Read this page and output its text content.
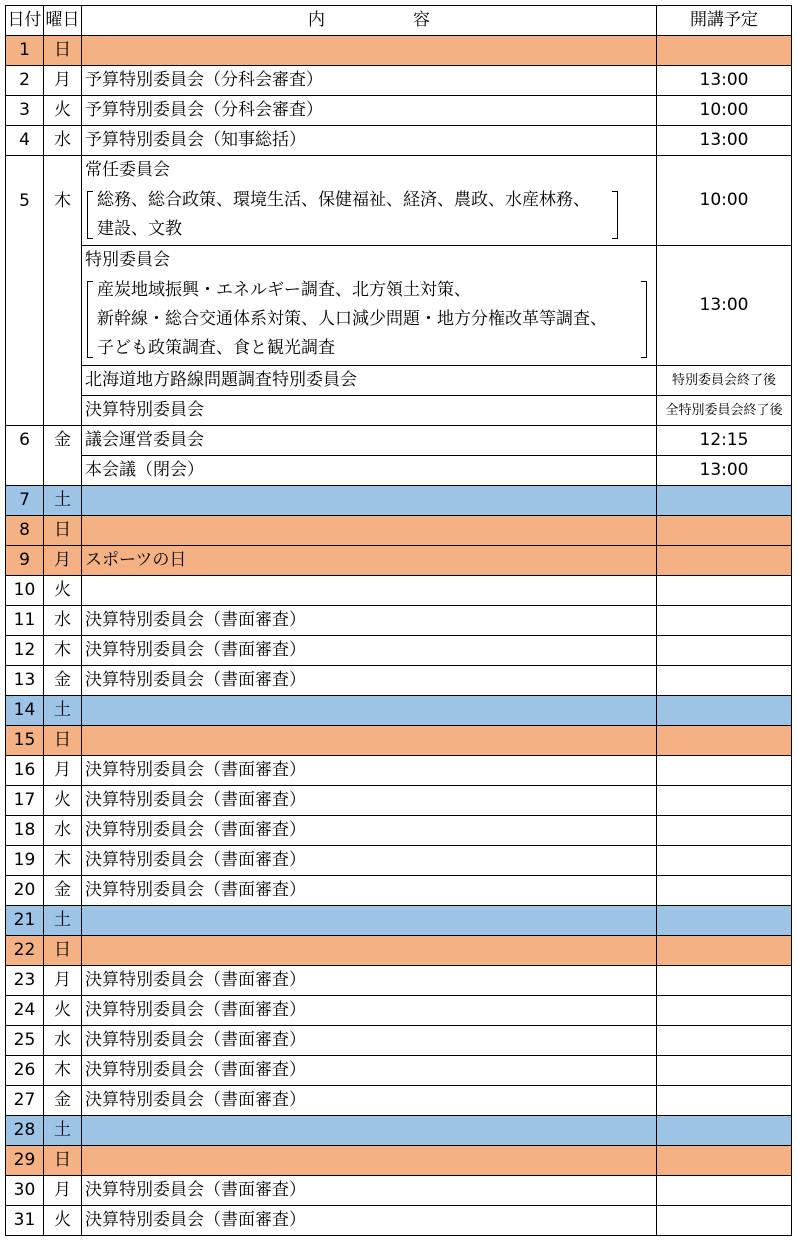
日付	曜日	内 容	開講予定
1	日		
2	月	予算特別委員会（分科会審査）	13:00
3	火	予算特別委員会（分科会審査）	10:00
4	水	予算特別委員会（知事総括）	13:00
5	木	常任委員会
総務、総合政策、環境生活、保健福祉、経済、農政、水産林務、
建設、文教	10:00

		特別委員会
産炭地域振興・エネルギー調査、北方領土対策、
新幹線・総合交通体系対策、人口減少問題・地方分権改革等調査、
子ども政策調査、食と観光調査	13:00
		北海道地方路線問題調査特別委員会	特別委員会終了後
		決算特別委員会	全特別委員会終了後
6	金	議会運営委員会	12:15
		本会議（閉会）	13:00
7	土		
8	日		
9	月	スポーツの日	
10	火		
11	水	決算特別委員会（書面審査）	
12	木	決算特別委員会（書面審査）	
13	金	決算特別委員会（書面審査）	
14	土		
15	日		
16	月	決算特別委員会（書面審査）	
17	火	決算特別委員会（書面審査）	
18	水	決算特別委員会（書面審査）	
19	木	決算特別委員会（書面審査）	
20	金	決算特別委員会（書面審査）	
21	土		
22	日		
23	月	決算特別委員会（書面審査）	
24	火	決算特別委員会（書面審査）	
25	水	決算特別委員会（書面審査）	
26	木	決算特別委員会（書面審査）	
27	金	決算特別委員会（書面審査）	
28	土		
29	日		
30	月	決算特別委員会（書面審査）	
31	火	決算特別委員会（書面審査）	
